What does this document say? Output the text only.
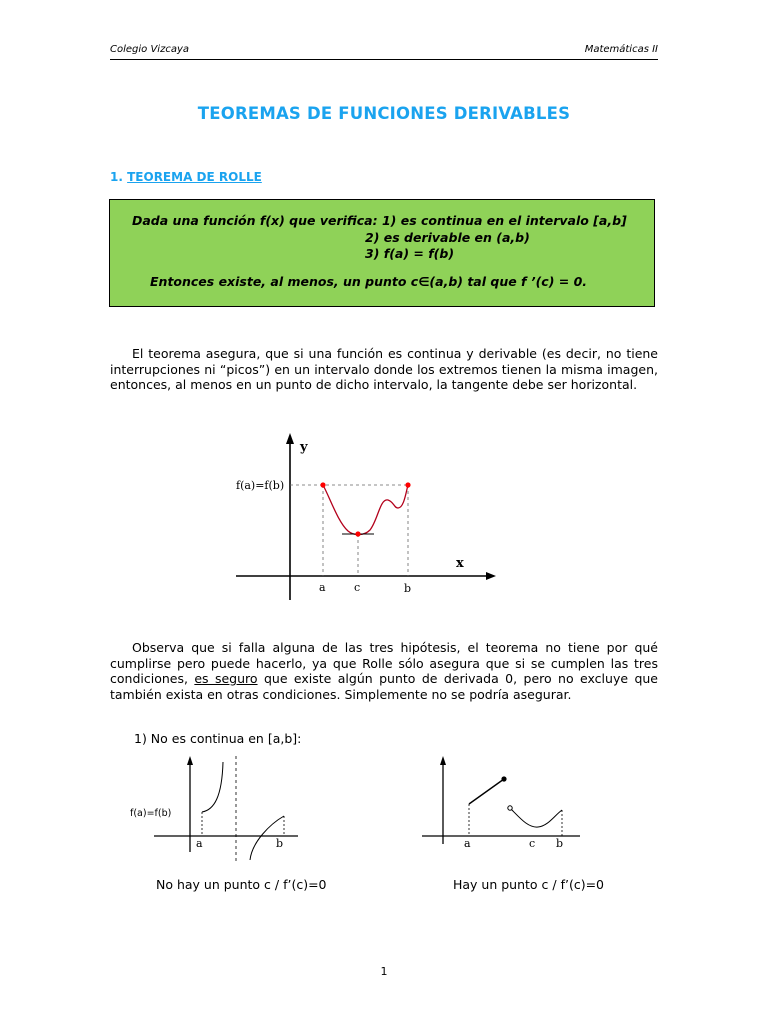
Colegio Vizcaya	Matemáticas II
TEOREMAS DE FUNCIONES DERIVABLES
1. TEOREMA DE ROLLE
Dada una función f(x) que verifica: 1) es continua en el intervalo [a,b]
2) es derivable en (a,b)
3) f(a) = f(b)
Entonces existe, al menos, un punto c∈(a,b) tal que f ’(c) = 0.

El teorema asegura, que si una función es continua y derivable (es decir, no tiene interrupciones ni “picos”) en un intervalo donde los extremos tienen la misma imagen, entonces, al menos en un punto de dicho intervalo, la tangente debe ser horizontal.

y
x
f(a)=f(b)
a	c	b

Observa que si falla alguna de las tres hipótesis, el teorema no tiene por qué cumplirse pero puede hacerlo, ya que Rolle sólo asegura que si se cumplen las tres condiciones, es seguro que existe algún punto de derivada 0, pero no excluye que también exista en otras condiciones. Simplemente no se podría asegurar.

1) No es continua en [a,b]:
f(a)=f(b)
a	b	a	c b
No hay un punto c / f’(c)=0	Hay un punto c / f’(c)=0
1
